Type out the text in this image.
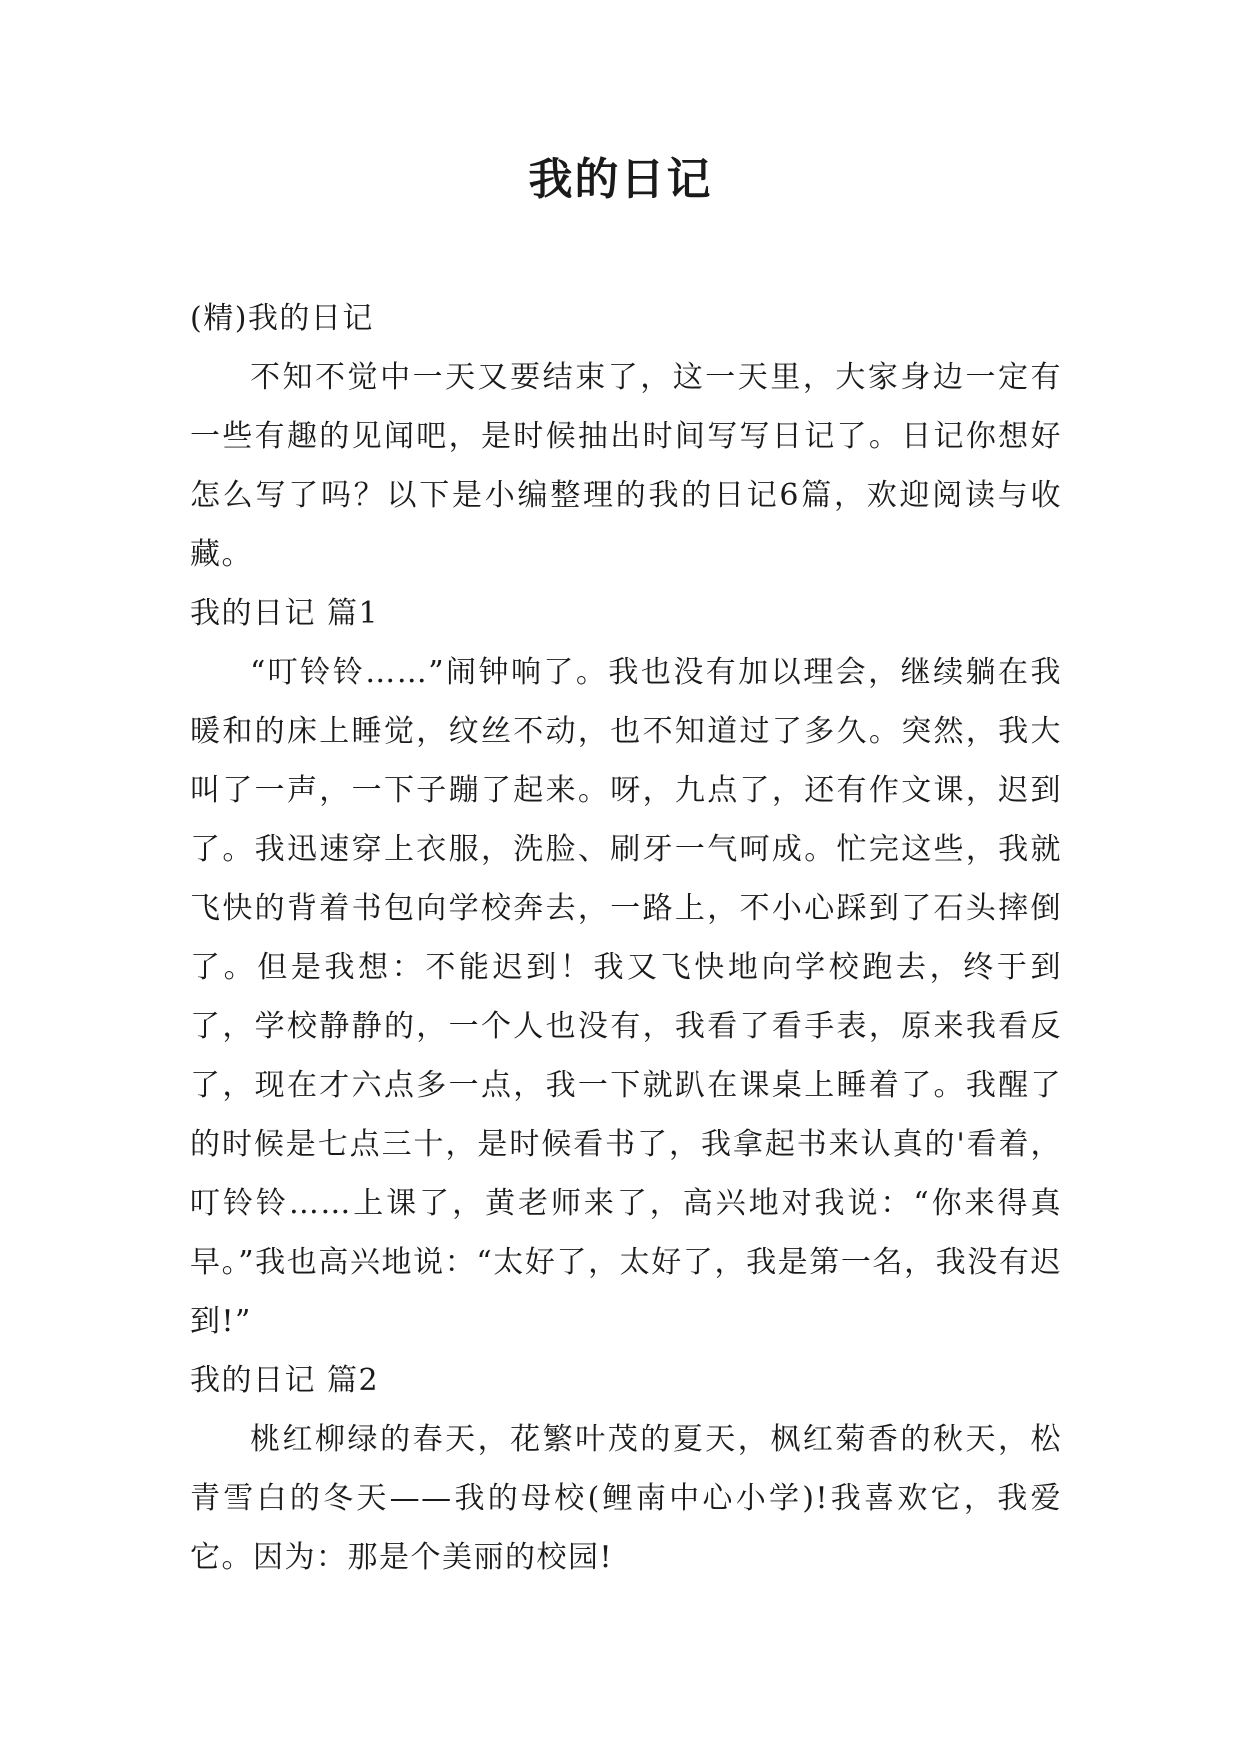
我的日记

(精)我的日记

不知不觉中一天又要结束了，这一天里，大家身边一定有一些有趣的见闻吧，是时候抽出时间写写日记了。日记你想好怎么写了吗？以下是小编整理的我的日记6篇，欢迎阅读与收藏。

我的日记 篇1

“叮铃铃……”闹钟响了。我也没有加以理会，继续躺在我暖和的床上睡觉，纹丝不动，也不知道过了多久。突然，我大叫了一声，一下子蹦了起来。呀，九点了，还有作文课，迟到了。我迅速穿上衣服，洗脸、刷牙一气呵成。忙完这些，我就飞快的背着书包向学校奔去，一路上，不小心踩到了石头摔倒了。但是我想：不能迟到！我又飞快地向学校跑去，终于到了，学校静静的，一个人也没有，我看了看手表，原来我看反了，现在才六点多一点，我一下就趴在课桌上睡着了。我醒了的时候是七点三十，是时候看书了，我拿起书来认真的'看着，叮铃铃……上课了，黄老师来了，高兴地对我说：“你来得真早。”我也高兴地说：“太好了，太好了，我是第一名，我没有迟到!”

我的日记 篇2

桃红柳绿的春天，花繁叶茂的夏天，枫红菊香的秋天，松青雪白的冬天——我的母校(鲤南中心小学)!我喜欢它，我爱它。因为：那是个美丽的校园!
